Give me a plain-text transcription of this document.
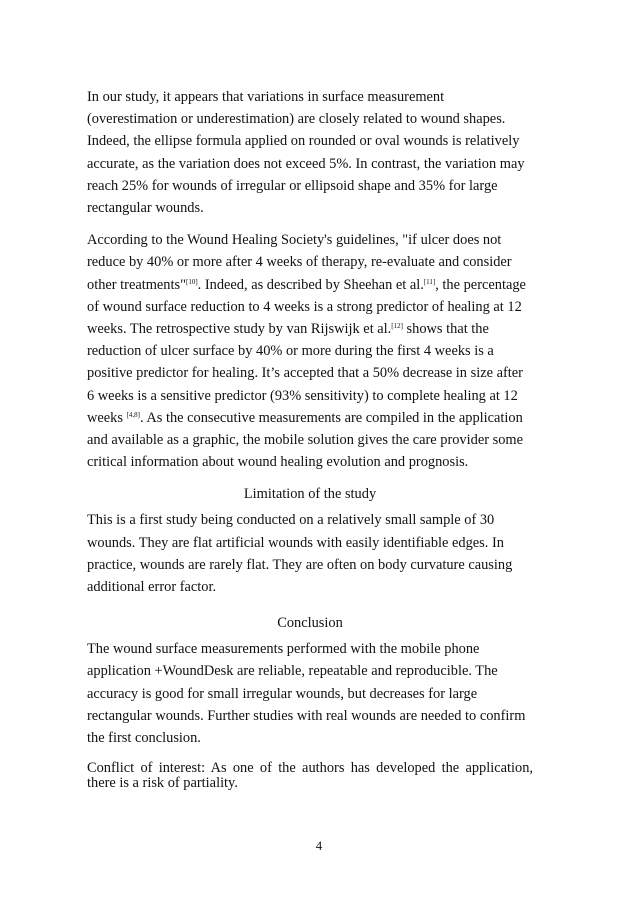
In our study, it appears that variations in surface measurement (overestimation or underestimation) are closely related to wound shapes. Indeed, the ellipse formula applied on rounded or oval wounds is relatively accurate, as the variation does not exceed 5%. In contrast, the variation may reach 25% for wounds of irregular or ellipsoid shape and 35% for large rectangular wounds.

According to the Wound Healing Society's guidelines, "if ulcer does not reduce by 40% or more after 4 weeks of therapy, re-evaluate and consider other treatments"[10]. Indeed, as described by Sheehan et al.[11], the percentage of wound surface reduction to 4 weeks is a strong predictor of healing at 12 weeks. The retrospective study by van Rijswijk et al.[12] shows that the reduction of ulcer surface by 40% or more during the first 4 weeks is a positive predictor for healing. It’s accepted that a 50% decrease in size after 6 weeks is a sensitive predictor (93% sensitivity) to complete healing at 12 weeks [4,8]. As the consecutive measurements are compiled in the application and available as a graphic, the mobile solution gives the care provider some critical information about wound healing evolution and prognosis.

Limitation of the study

This is a first study being conducted on a relatively small sample of 30 wounds. They are flat artificial wounds with easily identifiable edges. In practice, wounds are rarely flat. They are often on body curvature causing additional error factor.

Conclusion

The wound surface measurements performed with the mobile phone application +WoundDesk are reliable, repeatable and reproducible. The accuracy is good for small irregular wounds, but decreases for large rectangular wounds. Further studies with real wounds are needed to confirm the first conclusion.

Conflict of interest: As one of the authors has developed the application, there is a risk of partiality.

4
